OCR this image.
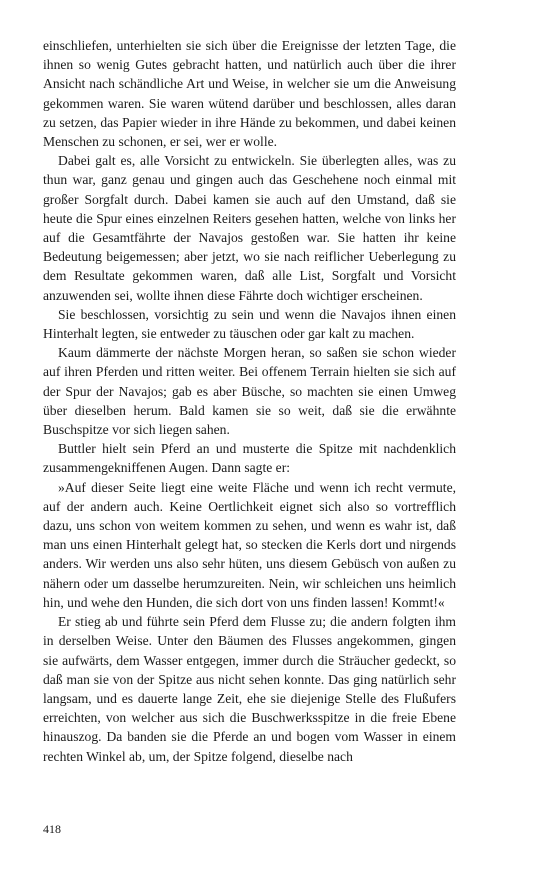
einschliefen, unterhielten sie sich über die Ereignisse der letzten Tage, die ihnen so wenig Gutes gebracht hatten, und natürlich auch über die ihrer Ansicht nach schändliche Art und Weise, in welcher sie um die Anweisung gekommen waren. Sie waren wütend darüber und beschlossen, alles daran zu setzen, das Papier wieder in ihre Hände zu bekommen, und dabei keinen Menschen zu schonen, er sei, wer er wolle.

Dabei galt es, alle Vorsicht zu entwickeln. Sie überlegten alles, was zu thun war, ganz genau und gingen auch das Geschehene noch einmal mit großer Sorgfalt durch. Dabei kamen sie auch auf den Umstand, daß sie heute die Spur eines einzelnen Reiters gesehen hatten, welche von links her auf die Gesamtfährte der Navajos gestoßen war. Sie hatten ihr keine Bedeutung beigemessen; aber jetzt, wo sie nach reiflicher Ueberlegung zu dem Resultate gekommen waren, daß alle List, Sorgfalt und Vorsicht anzuwenden sei, wollte ihnen diese Fährte doch wichtiger erscheinen.

Sie beschlossen, vorsichtig zu sein und wenn die Navajos ihnen einen Hinterhalt legten, sie entweder zu täuschen oder gar kalt zu machen.

Kaum dämmerte der nächste Morgen heran, so saßen sie schon wieder auf ihren Pferden und ritten weiter. Bei offenem Terrain hielten sie sich auf der Spur der Navajos; gab es aber Büsche, so machten sie einen Umweg über dieselben herum. Bald kamen sie so weit, daß sie die erwähnte Buschspitze vor sich liegen sahen.

Buttler hielt sein Pferd an und musterte die Spitze mit nachdenklich zusammengekniffenen Augen. Dann sagte er:

»Auf dieser Seite liegt eine weite Fläche und wenn ich recht vermute, auf der andern auch. Keine Oertlichkeit eignet sich also so vortrefflich dazu, uns schon von weitem kommen zu sehen, und wenn es wahr ist, daß man uns einen Hinterhalt gelegt hat, so stecken die Kerls dort und nirgends anders. Wir werden uns also sehr hüten, uns diesem Gebüsch von außen zu nähern oder um dasselbe herumzureiten. Nein, wir schleichen uns heimlich hin, und wehe den Hunden, die sich dort von uns finden lassen! Kommt!«

Er stieg ab und führte sein Pferd dem Flusse zu; die andern folgten ihm in derselben Weise. Unter den Bäumen des Flusses angekommen, gingen sie aufwärts, dem Wasser entgegen, immer durch die Sträucher gedeckt, so daß man sie von der Spitze aus nicht sehen konnte. Das ging natürlich sehr langsam, und es dauerte lange Zeit, ehe sie diejenige Stelle des Flußufers erreichten, von welcher aus sich die Buschwerksspitze in die freie Ebene hinauszog. Da banden sie die Pferde an und bogen vom Wasser in einem rechten Winkel ab, um, der Spitze folgend, dieselbe nach

418
